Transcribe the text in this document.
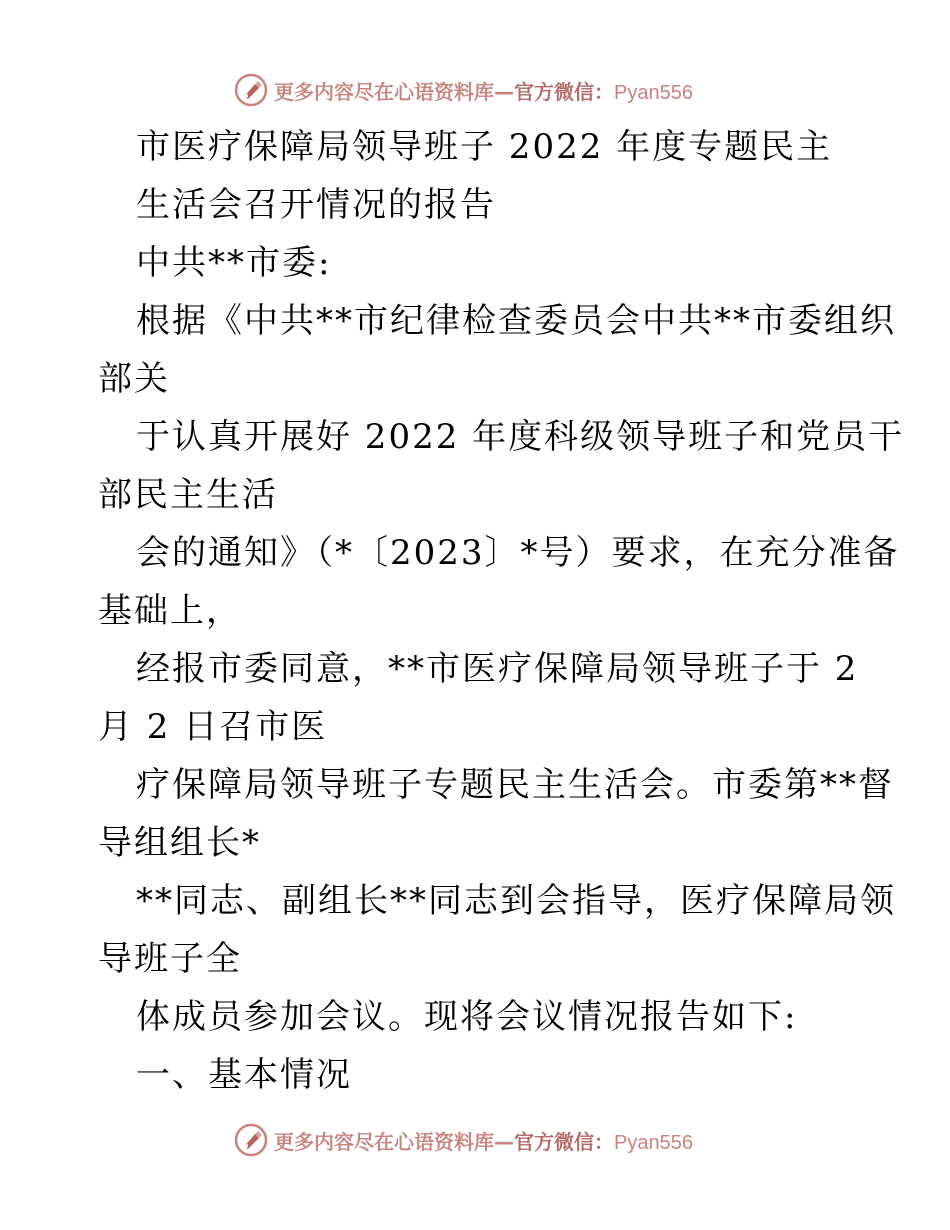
更多内容尽在心语资料库—官方微信：Pyan556
市医疗保障局领导班子 2022 年度专题民主
生活会召开情况的报告
中共**市委:
根据《中共**市纪律检查委员会中共**市委组织
部关
于认真开展好 2022 年度科级领导班子和党员干
部民主生活
会的通知》（*〔2023〕*号）要求，在充分准备
基础上，
经报市委同意，**市医疗保障局领导班子于 2
月 2 日召市医
疗保障局领导班子专题民主生活会。市委第**督
导组组长*
**同志、副组长**同志到会指导，医疗保障局领
导班子全
体成员参加会议。现将会议情况报告如下:
一、基本情况
更多内容尽在心语资料库—官方微信：Pyan556
